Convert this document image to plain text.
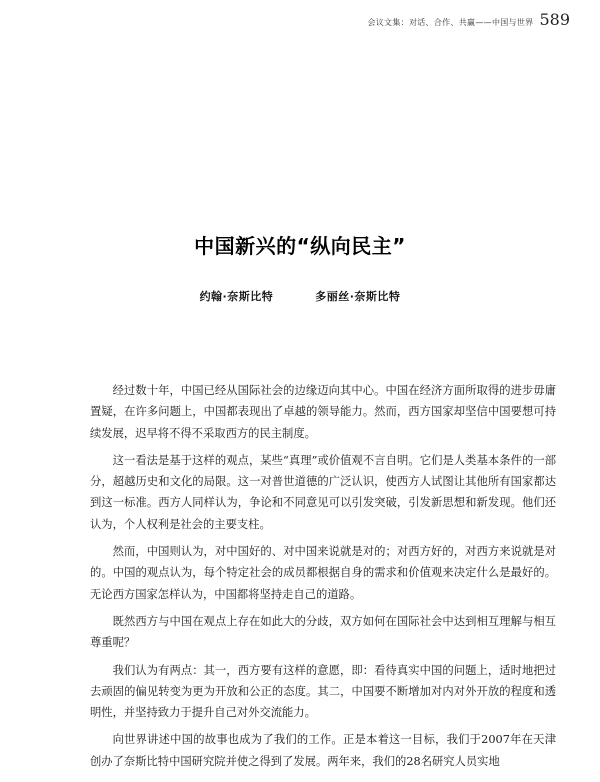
会议文集：对话、合作、共赢——中国与世界 589
中国新兴的“纵向民主”
约翰·奈斯比特	多丽丝·奈斯比特

经过数十年，中国已经从国际社会的边缘迈向其中心。中国在经济方面所取得的进步毋庸置疑，在许多问题上，中国都表现出了卓越的领导能力。然而，西方国家却坚信中国要想可持续发展，迟早将不得不采取西方的民主制度。

这一看法是基于这样的观点，某些“真理”或价值观不言自明。它们是人类基本条件的一部分，超越历史和文化的局限。这一对普世道德的广泛认识，使西方人试图让其他所有国家都达到这一标准。西方人同样认为，争论和不同意见可以引发突破，引发新思想和新发现。他们还认为，个人权利是社会的主要支柱。

然而，中国则认为，对中国好的、对中国来说就是对的；对西方好的，对西方来说就是对的。中国的观点认为，每个特定社会的成员都根据自身的需求和价值观来决定什么是最好的。无论西方国家怎样认为，中国都将坚持走自己的道路。

既然西方与中国在观点上存在如此大的分歧，双方如何在国际社会中达到相互理解与相互尊重呢？

我们认为有两点：其一，西方要有这样的意愿，即：看待真实中国的问题上，适时地把过去顽固的偏见转变为更为开放和公正的态度。其二，中国要不断增加对内对外开放的程度和透明性，并坚持致力于提升自己对外交流能力。

向世界讲述中国的故事也成为了我们的工作。正是本着这一目标，我们于2007年在天津创办了奈斯比特中国研究院并使之得到了发展。两年来，我们的28名研究人员实地
